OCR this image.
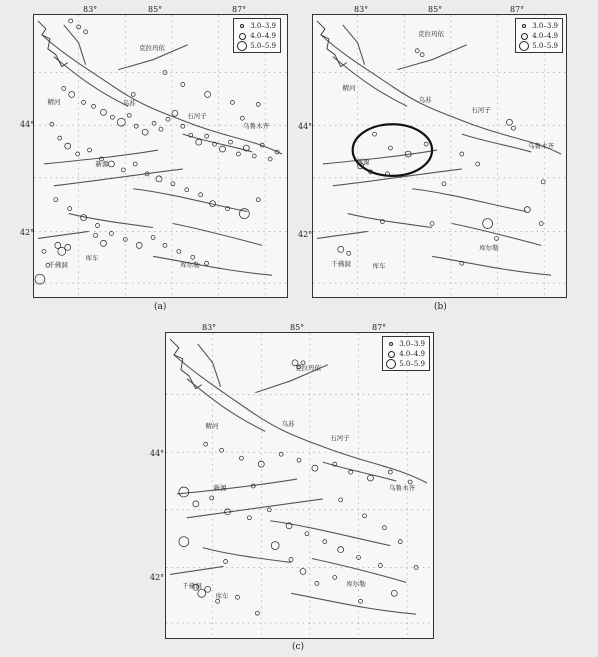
3.0–3.9
4.0–4.9
5.0–5.9
克拉玛依
精河	乌苏
石河子
乌鲁木齐
新源
千佛洞
库车
库尔勒
83°	85°	87°
44°
42°
(a)
3.0–3.9
4.0–4.9
5.0–5.9
克拉玛依
精河
乌苏
石河子
乌鲁木齐
新源
千佛洞	库车
库尔勒
83°	85°	87°
44°
42°
(b)
3.0–3.9
4.0–4.9
5.0–5.9
克拉玛依
精河	乌苏
石河子
乌鲁木齐
新源
千佛洞
库车
库尔勒
83°	85°	87°
44°
42°
(c)
